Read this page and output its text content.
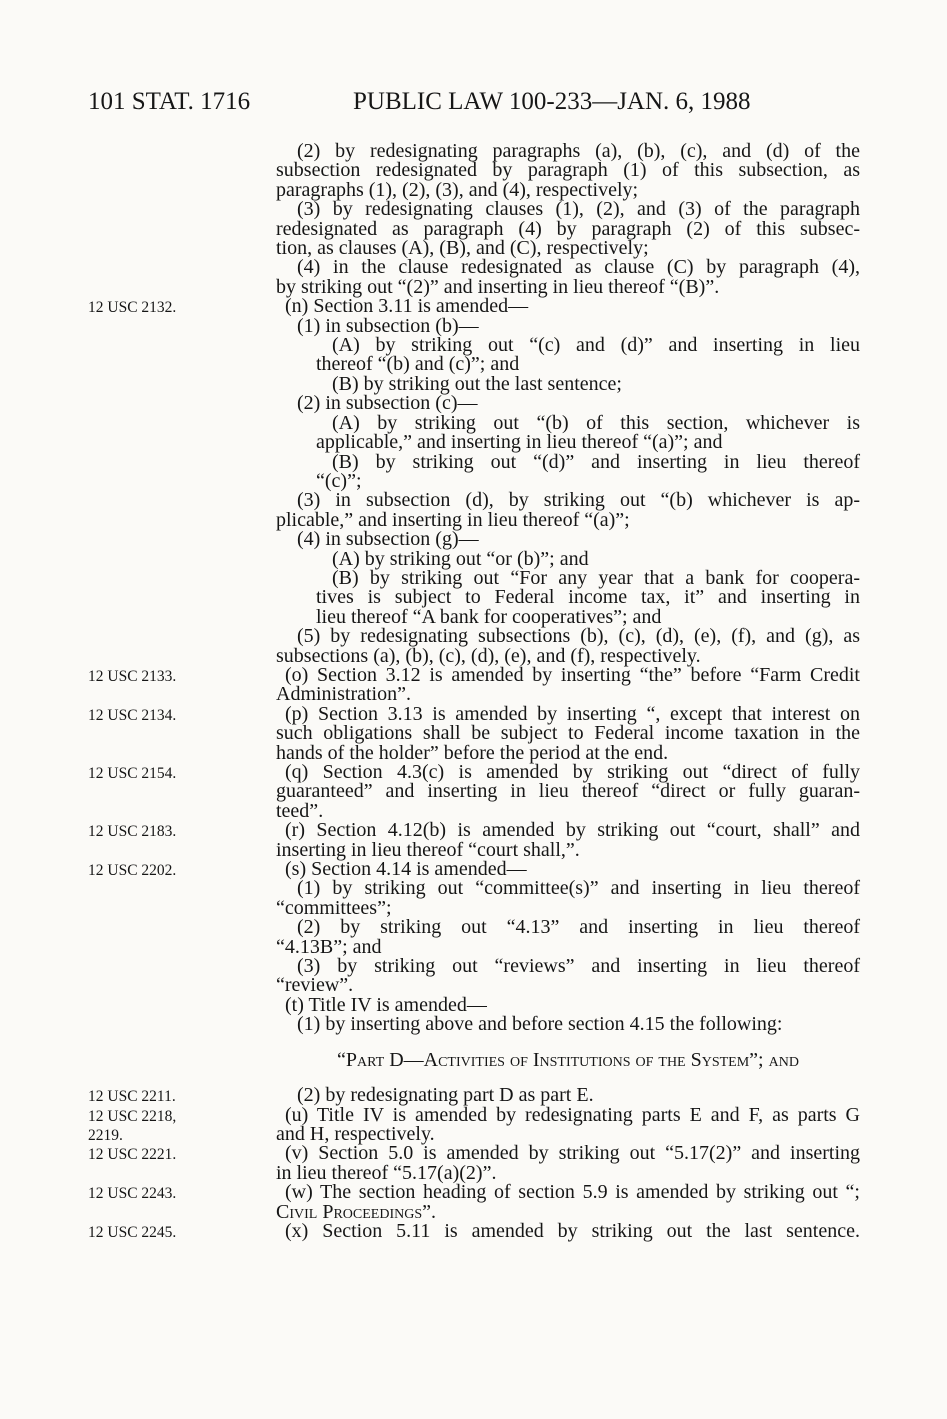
101 STAT. 1716	PUBLIC LAW 100-233—JAN. 6, 1988
(2) by redesignating paragraphs (a), (b), (c), and (d) of the
subsection redesignated by paragraph (1) of this subsection, as
paragraphs (1), (2), (3), and (4), respectively;
(3) by redesignating clauses (1), (2), and (3) of the paragraph
redesignated as paragraph (4) by paragraph (2) of this subsec-
tion, as clauses (A), (B), and (C), respectively;
(4) in the clause redesignated as clause (C) by paragraph (4),
by striking out “(2)” and inserting in lieu thereof “(B)”.
(n) Section 3.11 is amended—
12 USC 2132.
(1) in subsection (b)—
(A) by striking out “(c) and (d)” and inserting in lieu
thereof “(b) and (c)”; and
(B) by striking out the last sentence;
(2) in subsection (c)—
(A) by striking out “(b) of this section, whichever is
applicable,” and inserting in lieu thereof “(a)”; and
(B) by striking out “(d)” and inserting in lieu thereof
“(c)”;
(3) in subsection (d), by striking out “(b) whichever is ap-
plicable,” and inserting in lieu thereof “(a)”;
(4) in subsection (g)—
(A) by striking out “or (b)”; and
(B) by striking out “For any year that a bank for coopera-
tives is subject to Federal income tax, it” and inserting in
lieu thereof “A bank for cooperatives”; and
(5) by redesignating subsections (b), (c), (d), (e), (f), and (g), as
subsections (a), (b), (c), (d), (e), and (f), respectively.
(o) Section 3.12 is amended by inserting “the” before “Farm Credit
12 USC 2133.
Administration”.
(p) Section 3.13 is amended by inserting “, except that interest on
12 USC 2134.
such obligations shall be subject to Federal income taxation in the
hands of the holder” before the period at the end.
(q) Section 4.3(c) is amended by striking out “direct of fully
12 USC 2154.
guaranteed” and inserting in lieu thereof “direct or fully guaran-
teed”.
(r) Section 4.12(b) is amended by striking out “court, shall” and
12 USC 2183.
inserting in lieu thereof “court shall,”.
(s) Section 4.14 is amended—
12 USC 2202.
(1) by striking out “committee(s)” and inserting in lieu thereof
“committees”;
(2) by striking out “4.13” and inserting in lieu thereof
“4.13B”; and
(3) by striking out “reviews” and inserting in lieu thereof
“review”.
(t) Title IV is amended—
(1) by inserting above and before section 4.15 the following:
“Part D—Activities of Institutions of the System”; and
(2) by redesignating part D as part E.
12 USC 2211.
(u) Title IV is amended by redesignating parts E and F, as parts G
12 USC 2218,
and H, respectively.
2219.
(v) Section 5.0 is amended by striking out “5.17(2)” and inserting
12 USC 2221.
in lieu thereof “5.17(a)(2)”.
(w) The section heading of section 5.9 is amended by striking out “;
12 USC 2243.
Civil Proceedings”.
(x) Section 5.11 is amended by striking out the last sentence.
12 USC 2245.
